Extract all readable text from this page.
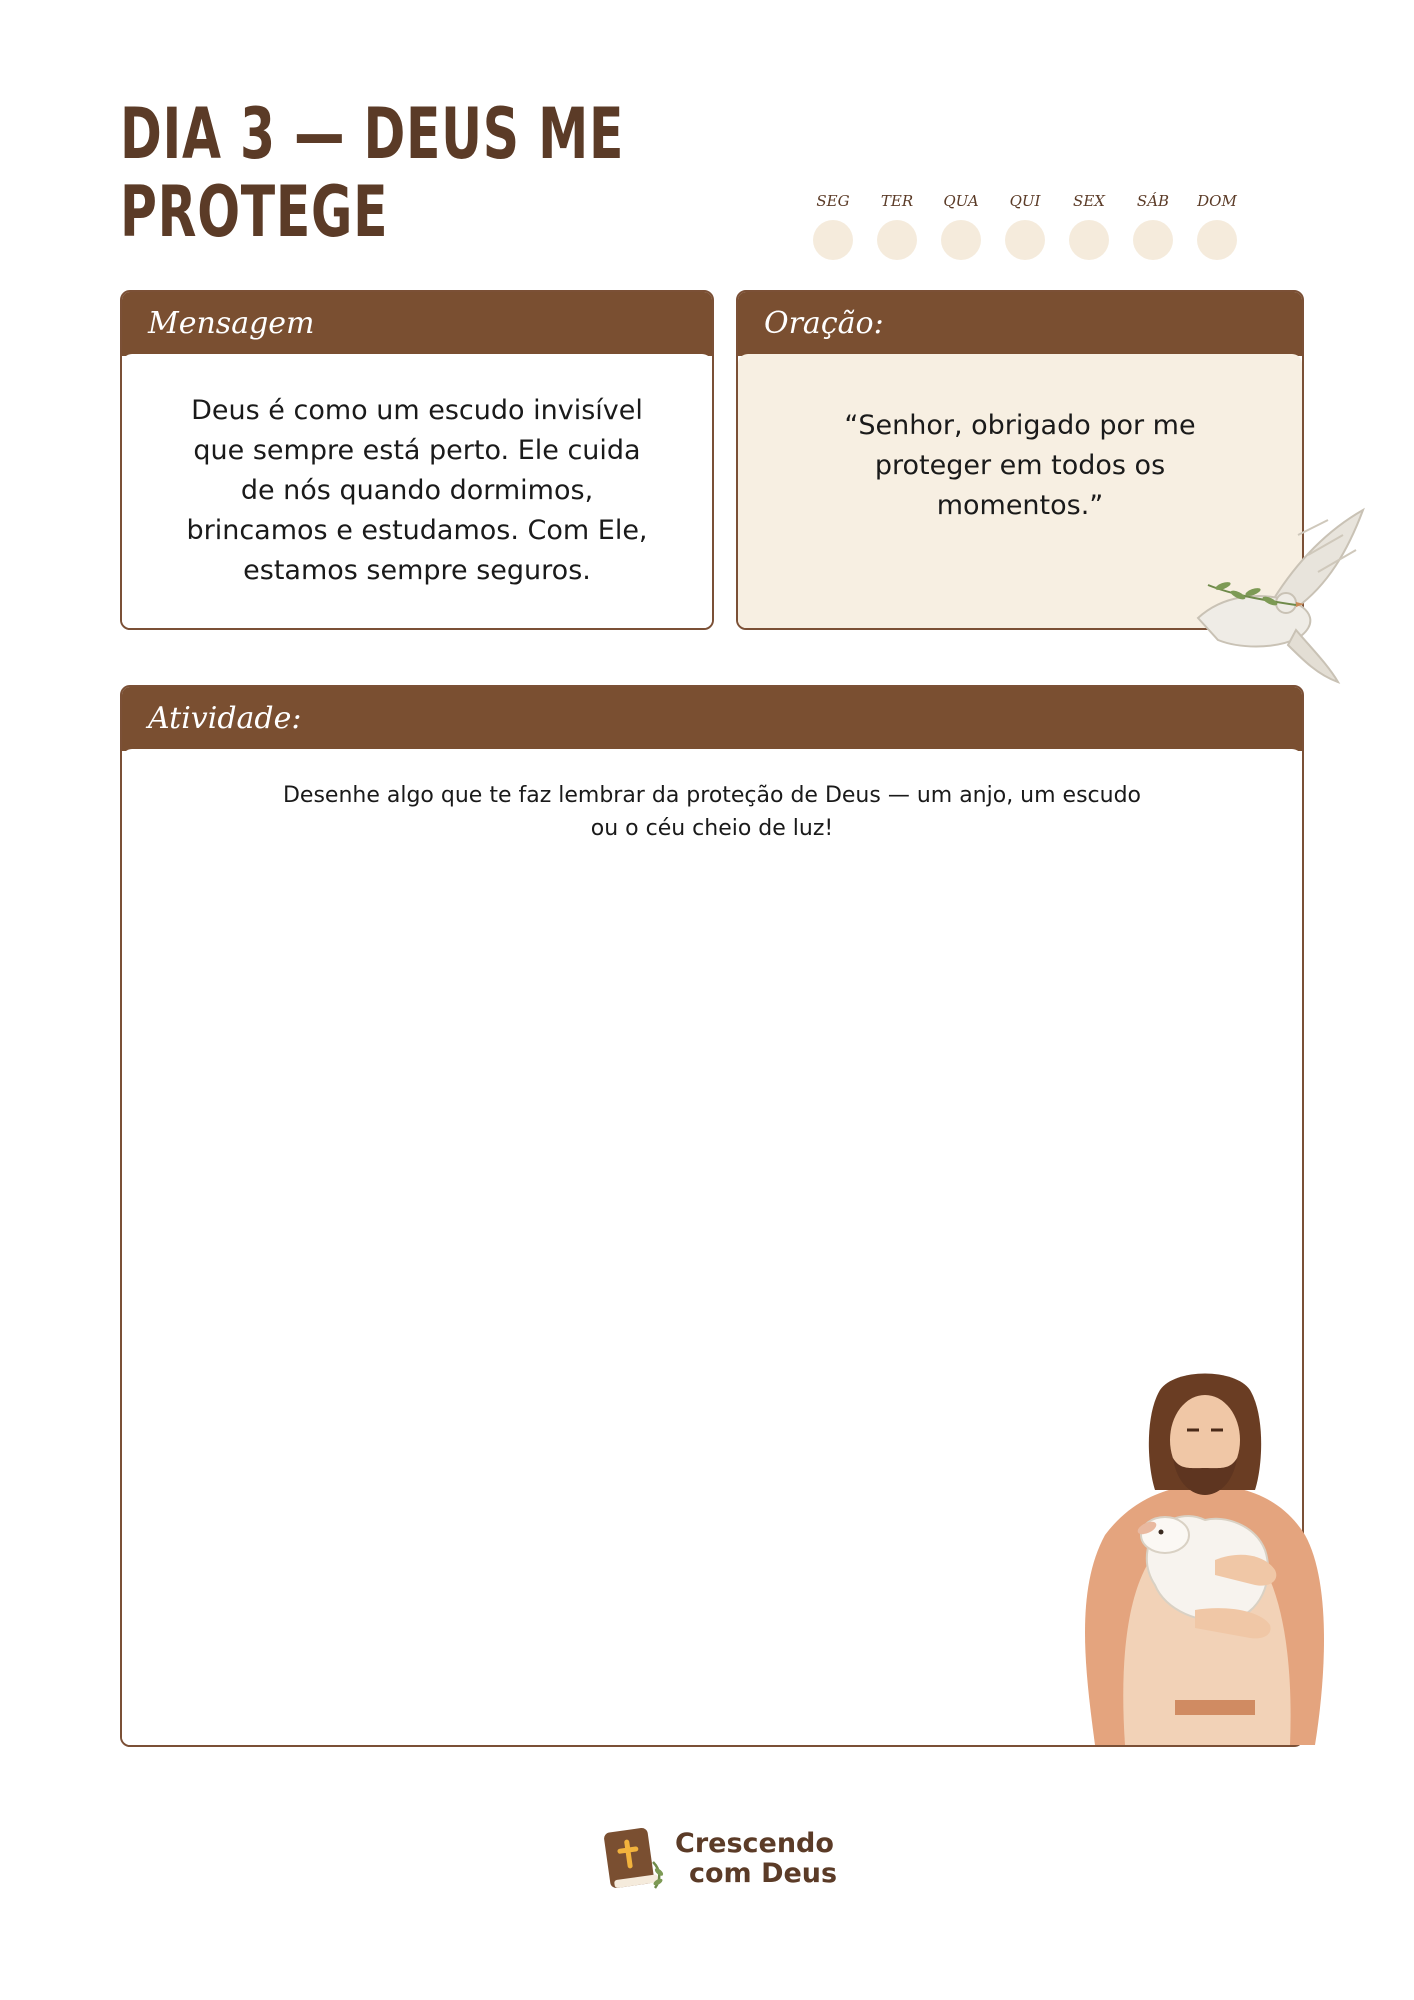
DIA 3 — DEUS ME
PROTEGE	SEG TER QUA QUI SEX SÁB DOM
Mensagem
Deus é como um escudo invisível que sempre está perto. Ele cuida de nós quando dormimos, brincamos e estudamos. Com Ele, estamos sempre seguros.
Oração:
“Senhor, obrigado por me proteger em todos os momentos.”
Atividade:
Desenhe algo que te faz lembrar da proteção de Deus — um anjo, um escudo ou o céu cheio de luz!
Crescendo
com Deus
